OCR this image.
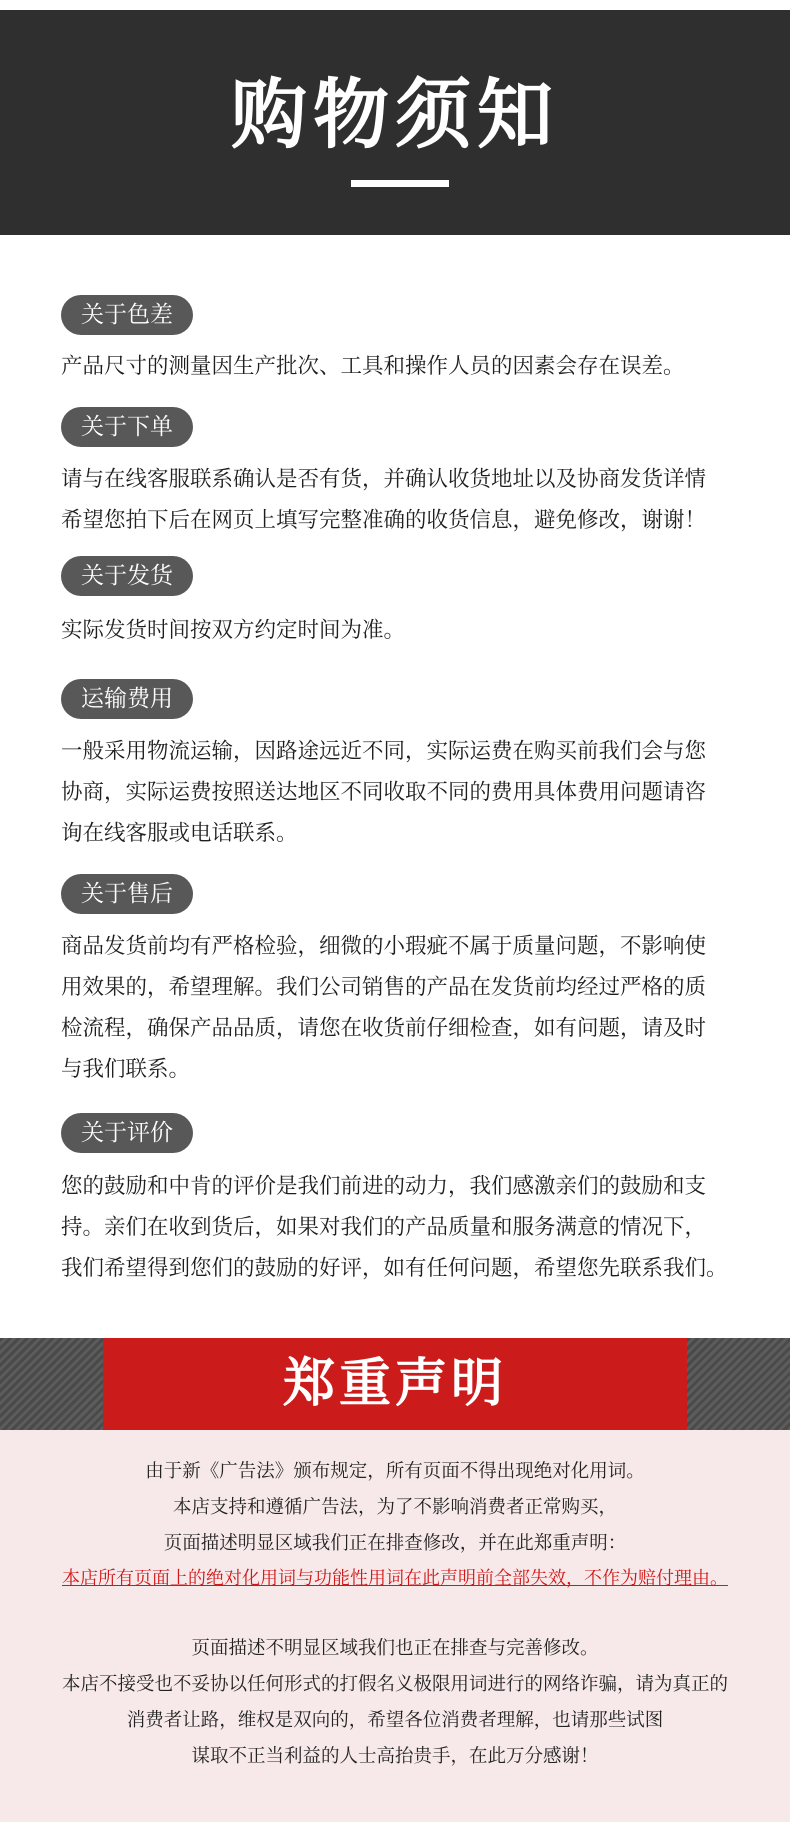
购物须知
关于色差
产品尺寸的测量因生产批次、工具和操作人员的因素会存在误差。
关于下单
请与在线客服联系确认是否有货，并确认收货地址以及协商发货详情
希望您拍下后在网页上填写完整准确的收货信息，避免修改，谢谢！
关于发货
实际发货时间按双方约定时间为准。
运输费用
一般采用物流运输，因路途远近不同，实际运费在购买前我们会与您
协商，实际运费按照送达地区不同收取不同的费用具体费用问题请咨
询在线客服或电话联系。
关于售后
商品发货前均有严格检验，细微的小瑕疵不属于质量问题，不影响使
用效果的，希望理解。我们公司销售的产品在发货前均经过严格的质
检流程，确保产品品质，请您在收货前仔细检查，如有问题，请及时
与我们联系。
关于评价
您的鼓励和中肯的评价是我们前进的动力，我们感激亲们的鼓励和支
持。亲们在收到货后，如果对我们的产品质量和服务满意的情况下，
我们希望得到您们的鼓励的好评，如有任何问题，希望您先联系我们。
郑重声明
由于新《广告法》颁布规定，所有页面不得出现绝对化用词。
本店支持和遵循广告法，为了不影响消费者正常购买，
页面描述明显区域我们正在排查修改，并在此郑重声明：
本店所有页面上的绝对化用词与功能性用词在此声明前全部失效，不作为赔付理由。
页面描述不明显区域我们也正在排查与完善修改。
本店不接受也不妥协以任何形式的打假名义极限用词进行的网络诈骗，请为真正的
消费者让路，维权是双向的，希望各位消费者理解，也请那些试图
谋取不正当利益的人士高抬贵手，在此万分感谢！
